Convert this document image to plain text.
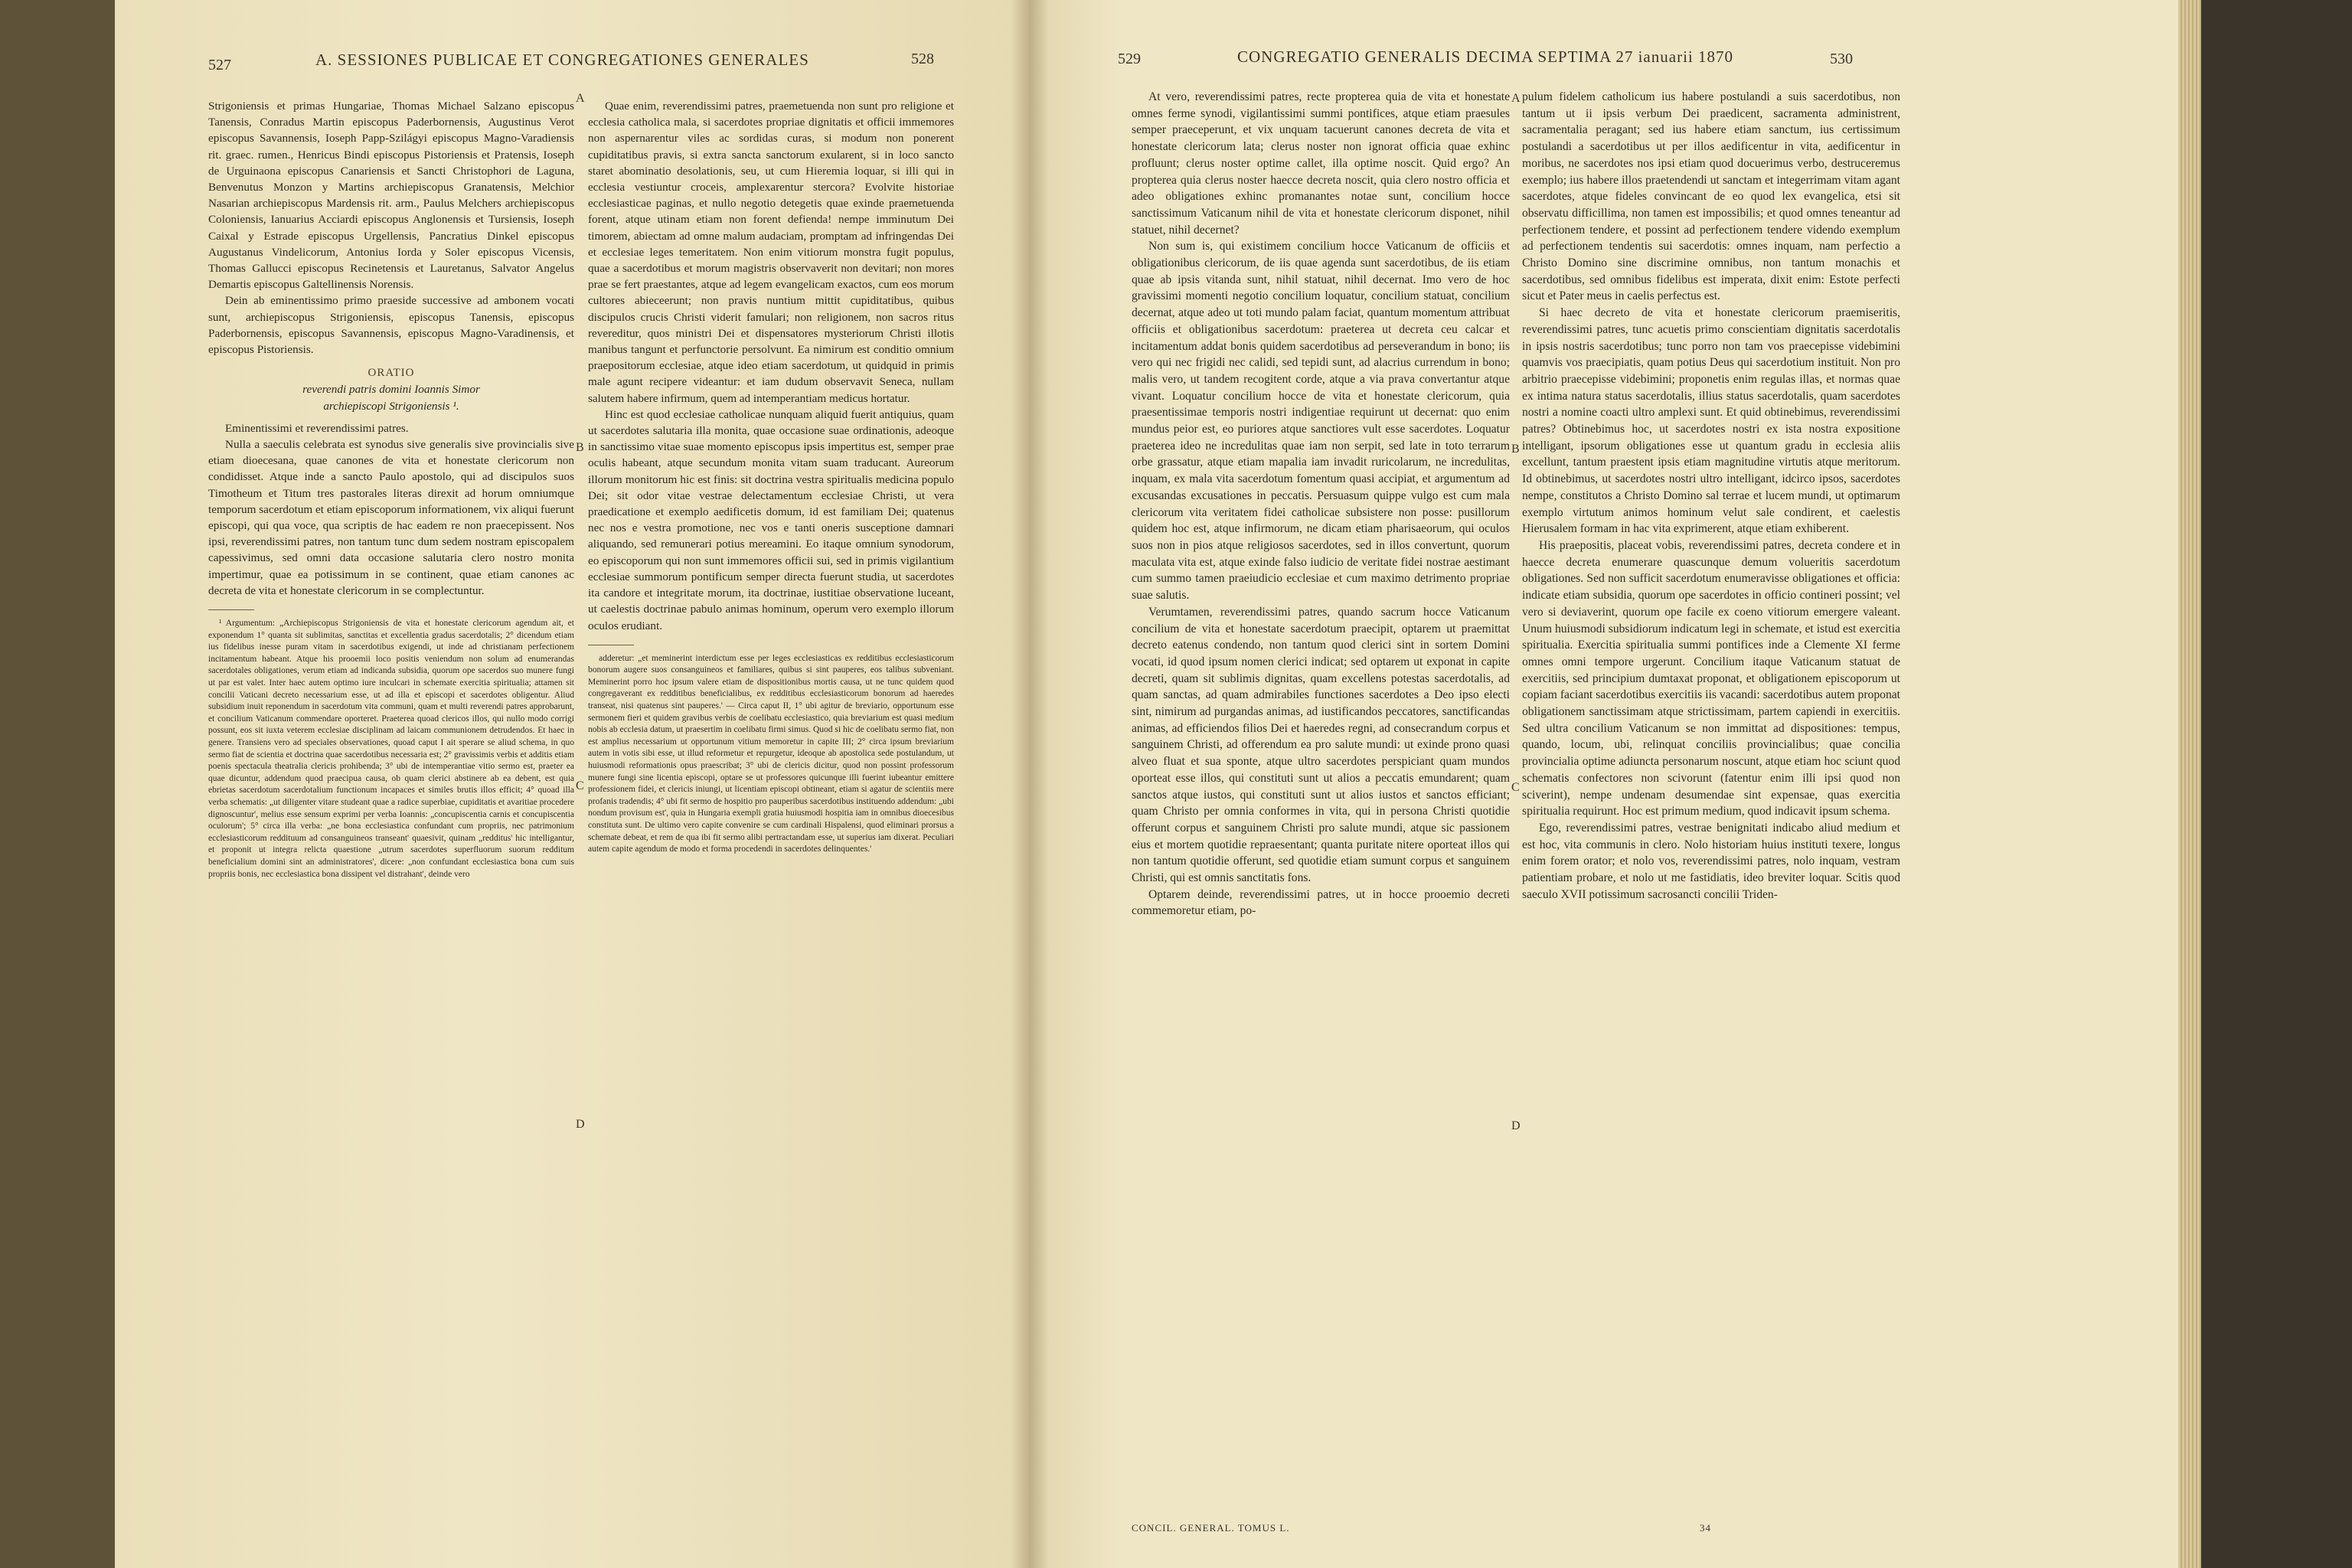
527	A. SESSIONES PUBLICAE ET CONGREGATIONES GENERALES	528

Strigoniensis et primas Hungariae, Thomas Michael Salzano episcopus Tanensis, Conradus Martin episcopus Paderbornensis, Augustinus Verot episcopus Savannensis, Ioseph Papp-Szilágyi episcopus Magno-Varadiensis rit. graec. rumen., Henricus Bindi episcopus Pistoriensis et Pratensis, Ioseph de Urguinaona episcopus Canariensis et Sancti Christophori de Laguna, Benvenutus Monzon y Martins archiepiscopus Granatensis, Melchior Nasarian archiepiscopus Mardensis rit. arm., Paulus Melchers archiepiscopus Coloniensis, Ianuarius Acciardi episcopus Anglonensis et Tursiensis, Ioseph Caixal y Estrade episcopus Urgellensis, Pancratius Dinkel episcopus Augustanus Vindelicorum, Antonius Iorda y Soler episcopus Vicensis, Thomas Gallucci episcopus Recinetensis et Lauretanus, Salvator Angelus Demartis episcopus Galtellinensis Norensis.

Dein ab eminentissimo primo praeside successive ad ambonem vocati sunt, archiepiscopus Strigoniensis, episcopus Tanensis, episcopus Paderbornensis, episcopus Savannensis, episcopus Magno-Varadinensis, et episcopus Pistoriensis.

ORATIO
reverendi patris domini Ioannis Simor
archiepiscopi Strigoniensis ¹.

Eminentissimi et reverendissimi patres.

Nulla a saeculis celebrata est synodus sive generalis sive provincialis sive etiam dioecesana, quae canones de vita et honestate clericorum non condidisset. Atque inde a sancto Paulo apostolo, qui ad discipulos suos Timotheum et Titum tres pastorales literas direxit ad horum omniumque temporum sacerdotum et etiam episcoporum informationem, vix aliqui fuerunt episcopi, qui qua voce, qua scriptis de hac eadem re non praecepissent. Nos ipsi, reverendissimi patres, non tantum tunc dum sedem nostram episcopalem capessivimus, sed omni data occasione salutaria clero nostro monita impertimur, quae ea potissimum in se continent, quae etiam canones ac decreta de vita et honestate clericorum in se complectuntur.

¹ Argumentum: „Archiepiscopus Strigoniensis de vita et honestate clericorum agendum ait, et exponendum 1° quanta sit sublimitas, sanctitas et excellentia gradus sacerdotalis; 2° dicendum etiam ius fidelibus inesse puram vitam in sacerdotibus exigendi, ut inde ad christianam perfectionem incitamentum habeant. Atque his prooemii loco positis veniendum non solum ad enumerandas sacerdotales obligationes, verum etiam ad indicanda subsidia, quorum ope sacerdos suo munere fungi ut par est valet. Inter haec autem optimo iure inculcari in schemate exercitia spiritualia; attamen sit concilii Vaticani decreto necessarium esse, ut ad illa et episcopi et sacerdotes obligentur. Aliud subsidium inuit reponendum in sacerdotum vita communi, quam et multi reverendi patres approbarunt, et concilium Vaticanum commendare oporteret. Praeterea quoad clericos illos, qui nullo modo corrigi possunt, eos sit iuxta veterem ecclesiae disciplinam ad laicam communionem detrudendos. Et haec in genere. Transiens vero ad speciales observationes, quoad caput I ait sperare se aliud schema, in quo sermo fiat de scientia et doctrina quae sacerdotibus necessaria est; 2° gravissimis verbis et additis etiam poenis spectacula theatralia clericis prohibenda; 3° ubi de intemperantiae vitio sermo est, praeter ea quae dicuntur, addendum quod praecipua causa, ob quam clerici abstinere ab ea debent, est quia ebrietas sacerdotum sacerdotalium functionum incapaces et similes brutis illos efficit; 4° quoad illa verba schematis: „ut diligenter vitare studeant quae a radice superbiae, cupiditatis et avaritiae procedere dignoscuntur', melius esse sensum exprimi per verba Ioannis: „concupiscentia carnis et concupiscentia oculorum'; 5° circa illa verba: „ne bona ecclesiastica confundant cum propriis, nec patrimonium ecclesiasticorum reddituum ad consanguineos transeant' quaesivit, quinam „redditus' hic intelligantur, et proponit ut integra relicta quaestione „utrum sacerdotes superfluorum suorum redditum beneficialium domini sint an administratores', dicere: „non confundant ecclesiastica bona cum suis propriis bonis, nec ecclesiastica bona dissipent vel distrahant', deinde vero

Quae enim, reverendissimi patres, praemetuenda non sunt pro religione et ecclesia catholica mala, si sacerdotes propriae dignitatis et officii immemores non aspernarentur viles ac sordidas curas, si modum non ponerent cupiditatibus pravis, si extra sancta sanctorum exularent, si in loco sancto staret abominatio desolationis, seu, ut cum Hieremia loquar, si illi qui in ecclesia vestiuntur croceis, amplexarentur stercora? Evolvite historiae ecclesiasticae paginas, et nullo negotio detegetis quae exinde praemetuenda forent, atque utinam etiam non forent defienda! nempe imminutum Dei timorem, abiectam ad omne malum audaciam, promptam ad infringendas Dei et ecclesiae leges temeritatem. Non enim vitiorum monstra fugit populus, quae a sacerdotibus et morum magistris observaverit non devitari; non mores prae se fert praestantes, atque ad legem evangelicam exactos, cum eos morum cultores abieceerunt; non pravis nuntium mittit cupiditatibus, quibus discipulos crucis Christi viderit famulari; non religionem, non sacros ritus revereditur, quos ministri Dei et dispensatores mysteriorum Christi illotis manibus tangunt et perfunctorie persolvunt. Ea nimirum est conditio omnium praepositorum ecclesiae, atque ideo etiam sacerdotum, ut quidquid in primis male agunt recipere videantur: et iam dudum observavit Seneca, nullam salutem habere infirmum, quem ad intemperantiam medicus hortatur.

Hinc est quod ecclesiae catholicae nunquam aliquid fuerit antiquius, quam ut sacerdotes salutaria illa monita, quae occasione suae ordinationis, adeoque in sanctissimo vitae suae momento episcopus ipsis impertitus est, semper prae oculis habeant, atque secundum monita vitam suam traducant. Aureorum illorum monitorum hic est finis: sit doctrina vestra spiritualis medicina populo Dei; sit odor vitae vestrae delectamentum ecclesiae Christi, ut vera praedicatione et exemplo aedificetis domum, id est familiam Dei; quatenus nec nos e vestra promotione, nec vos e tanti oneris susceptione damnari aliquando, sed remunerari potius mereamini. Eo itaque omnium synodorum, eo episcoporum qui non sunt immemores officii sui, sed in primis vigilantium ecclesiae summorum pontificum semper directa fuerunt studia, ut sacerdotes ita candore et integritate morum, ita doctrinae, iustitiae observatione luceant, ut caelestis doctrinae pabulo animas hominum, operum vero exemplo illorum oculos erudiant.

adderetur: „et meminerint interdictum esse per leges ecclesiasticas ex redditibus ecclesiasticorum bonorum augere suos consanguineos et familiares, quibus si sint pauperes, eos talibus subveniant. Meminerint porro hoc ipsum valere etiam de dispositionibus mortis causa, ut ne tunc quidem quod congregaverant ex redditibus beneficialibus, ex redditibus ecclesiasticorum bonorum ad haeredes transeat, nisi quatenus sint pauperes.' — Circa caput II, 1° ubi agitur de breviario, opportunum esse sermonem fieri et quidem gravibus verbis de coelibatu ecclesiastico, quia breviarium est quasi medium nobis ab ecclesia datum, ut praesertim in coelibatu firmi simus. Quod si hic de coelibatu sermo fiat, non est amplius necessarium ut opportunum vitium memoretur in capite III; 2° circa ipsum breviarium autem in votis sibi esse, ut illud reformetur et repurgetur, ideoque ab apostolica sede postulandum, ut huiusmodi reformationis opus praescribat; 3° ubi de clericis dicitur, quod non possint professorum munere fungi sine licentia episcopi, optare se ut professores quicunque illi fuerint iubeantur emittere professionem fidei, et clericis iniungi, ut licentiam episcopi obtineant, etiam si agatur de scientiis mere profanis tradendis; 4° ubi fit sermo de hospitio pro pauperibus sacerdotibus instituendo addendum: „ubi nondum provisum est', quia in Hungaria exempli gratia huiusmodi hospitia iam in omnibus dioecesibus constituta sunt. De ultimo vero capite convenire se cum cardinali Hispalensi, quod eliminari prorsus a schemate debeat, et rem de qua ibi fit sermo alibi pertractandam esse, ut superius iam dixerat. Peculiari autem capite agendum de modo et forma procedendi in sacerdotes delinquentes.'

A
B
C
D
529	CONGREGATIO GENERALIS DECIMA SEPTIMA 27 ianuarii 1870	530

At vero, reverendissimi patres, recte propterea quia de vita et honestate omnes ferme synodi, vigilantissimi summi pontifices, atque etiam praesules semper praeceperunt, et vix unquam tacuerunt canones decreta de vita et honestate clericorum lata; clerus noster non ignorat officia quae exhinc profluunt; clerus noster optime callet, illa optime noscit. Quid ergo? An propterea quia clerus noster haecce decreta noscit, quia clero nostro officia et adeo obligationes exhinc promanantes notae sunt, concilium hocce sanctissimum Vaticanum nihil de vita et honestate clericorum disponet, nihil statuet, nihil decernet?

Non sum is, qui existimem concilium hocce Vaticanum de officiis et obligationibus clericorum, de iis quae agenda sunt sacerdotibus, de iis etiam quae ab ipsis vitanda sunt, nihil statuat, nihil decernat. Imo vero de hoc gravissimi momenti negotio concilium loquatur, concilium statuat, concilium decernat, atque adeo ut toti mundo palam faciat, quantum momentum attribuat officiis et obligationibus sacerdotum: praeterea ut decreta ceu calcar et incitamentum addat bonis quidem sacerdotibus ad perseverandum in bono; iis vero qui nec frigidi nec calidi, sed tepidi sunt, ad alacrius currendum in bono; malis vero, ut tandem recogitent corde, atque a via prava convertantur atque vivant. Loquatur concilium hocce de vita et honestate clericorum, quia praesentissimae temporis nostri indigentiae requirunt ut decernat: quo enim mundus peior est, eo puriores atque sanctiores vult esse sacerdotes. Loquatur praeterea ideo ne incredulitas quae iam non serpit, sed late in toto terrarum orbe grassatur, atque etiam mapalia iam invadit ruricolarum, ne incredulitas, inquam, ex mala vita sacerdotum fomentum quasi accipiat, et argumentum ad excusandas excusationes in peccatis. Persuasum quippe vulgo est cum mala clericorum vita veritatem fidei catholicae subsistere non posse: pusillorum quidem hoc est, atque infirmorum, ne dicam etiam pharisaeorum, qui oculos suos non in pios atque religiosos sacerdotes, sed in illos convertunt, quorum maculata vita est, atque exinde falso iudicio de veritate fidei nostrae aestimant cum summo tamen praeiudicio ecclesiae et cum maximo detrimento propriae suae salutis.

Verumtamen, reverendissimi patres, quando sacrum hocce Vaticanum concilium de vita et honestate sacerdotum praecipit, optarem ut praemittat decreto eatenus condendo, non tantum quod clerici sint in sortem Domini vocati, id quod ipsum nomen clerici indicat; sed optarem ut exponat in capite decreti, quam sit sublimis dignitas, quam excellens potestas sacerdotalis, ad quam sanctas, ad quam admirabiles functiones sacerdotes a Deo ipso electi sint, nimirum ad purgandas animas, ad iustificandos peccatores, sanctificandas animas, ad efficiendos filios Dei et haeredes regni, ad consecrandum corpus et sanguinem Christi, ad offerendum ea pro salute mundi: ut exinde prono quasi alveo fluat et sua sponte, atque ultro sacerdotes perspiciant quam mundos oporteat esse illos, qui constituti sunt ut alios a peccatis emundarent; quam sanctos atque iustos, qui constituti sunt ut alios iustos et sanctos efficiant; quam Christo per omnia conformes in vita, qui in persona Christi quotidie offerunt corpus et sanguinem Christi pro salute mundi, atque sic passionem eius et mortem quotidie repraesentant; quanta puritate nitere oporteat illos qui non tantum quotidie offerunt, sed quotidie etiam sumunt corpus et sanguinem Christi, qui est omnis sanctitatis fons.

Optarem deinde, reverendissimi patres, ut in hocce prooemio decreti commemoretur etiam, po-

pulum fidelem catholicum ius habere postulandi a suis sacerdotibus, non tantum ut ii ipsis verbum Dei praedicent, sacramenta administrent, sacramentalia peragant; sed ius habere etiam sanctum, ius certissimum postulandi a sacerdotibus ut per illos aedificentur in vita, aedificentur in moribus, ne sacerdotes nos ipsi etiam quod docuerimus verbo, destruceremus exemplo; ius habere illos praetendendi ut sanctam et integerrimam vitam agant sacerdotes, atque fideles convincant de eo quod lex evangelica, etsi sit observatu difficillima, non tamen est impossibilis; et quod omnes teneantur ad perfectionem tendere, et possint ad perfectionem tendere videndo exemplum ad perfectionem tendentis sui sacerdotis: omnes inquam, nam perfectio a Christo Domino sine discrimine omnibus, non tantum monachis et sacerdotibus, sed omnibus fidelibus est imperata, dixit enim: Estote perfecti sicut et Pater meus in caelis perfectus est.

Si haec decreto de vita et honestate clericorum praemiseritis, reverendissimi patres, tunc acuetis primo conscientiam dignitatis sacerdotalis in ipsis nostris sacerdotibus; tunc porro non tam vos praecepisse videbimini quamvis vos praecipiatis, quam potius Deus qui sacerdotium instituit. Non pro arbitrio praecepisse videbimini; proponetis enim regulas illas, et normas quae ex intima natura status sacerdotalis, illius status sacerdotalis, quam sacerdotes nostri a nomine coacti ultro amplexi sunt. Et quid obtinebimus, reverendissimi patres? Obtinebimus hoc, ut sacerdotes nostri ex ista nostra expositione intelligant, ipsorum obligationes esse ut quantum gradu in ecclesia aliis excellunt, tantum praestent ipsis etiam magnitudine virtutis atque meritorum. Id obtinebimus, ut sacerdotes nostri ultro intelligant, idcirco ipsos, sacerdotes nempe, constitutos a Christo Domino sal terrae et lucem mundi, ut optimarum exemplo virtutum animos hominum velut sale condirent, et caelestis Hierusalem formam in hac vita exprimerent, atque etiam exhiberent.

His praepositis, placeat vobis, reverendissimi patres, decreta condere et in haecce decreta enumerare quascunque demum volueritis sacerdotum obligationes. Sed non sufficit sacerdotum enumeravisse obligationes et officia: indicate etiam subsidia, quorum ope sacerdotes in officio contineri possint; vel vero si deviaverint, quorum ope facile ex coeno vitiorum emergere valeant. Unum huiusmodi subsidiorum indicatum legi in schemate, et istud est exercitia spiritualia. Exercitia spiritualia summi pontifices inde a Clemente XI ferme omnes omni tempore urgerunt. Concilium itaque Vaticanum statuat de exercitiis, sed principium dumtaxat proponat, et obligationem episcoporum ut copiam faciant sacerdotibus exercitiis iis vacandi: sacerdotibus autem proponat obligationem sanctissimam atque strictissimam, partem capiendi in exercitiis. Sed ultra concilium Vaticanum se non immittat ad dispositiones: tempus, quando, locum, ubi, relinquat conciliis provincialibus; quae concilia provincialia optime adiuncta personarum noscunt, atque etiam hoc sciunt quod schematis confectores non scivorunt (fatentur enim illi ipsi quod non sciverint), nempe undenam desumendae sint expensae, quas exercitia spiritualia requirunt. Hoc est primum medium, quod indicavit ipsum schema.

Ego, reverendissimi patres, vestrae benignitati indicabo aliud medium et est hoc, vita communis in clero. Nolo historiam huius instituti texere, longus enim forem orator; et nolo vos, reverendissimi patres, nolo inquam, vestram patientiam probare, et nolo ut me fastidiatis, ideo breviter loquar. Scitis quod saeculo XVII potissimum sacrosancti concilii Triden-

A
B
C
D
CONCIL. GENERAL. TOMUS L.	34
